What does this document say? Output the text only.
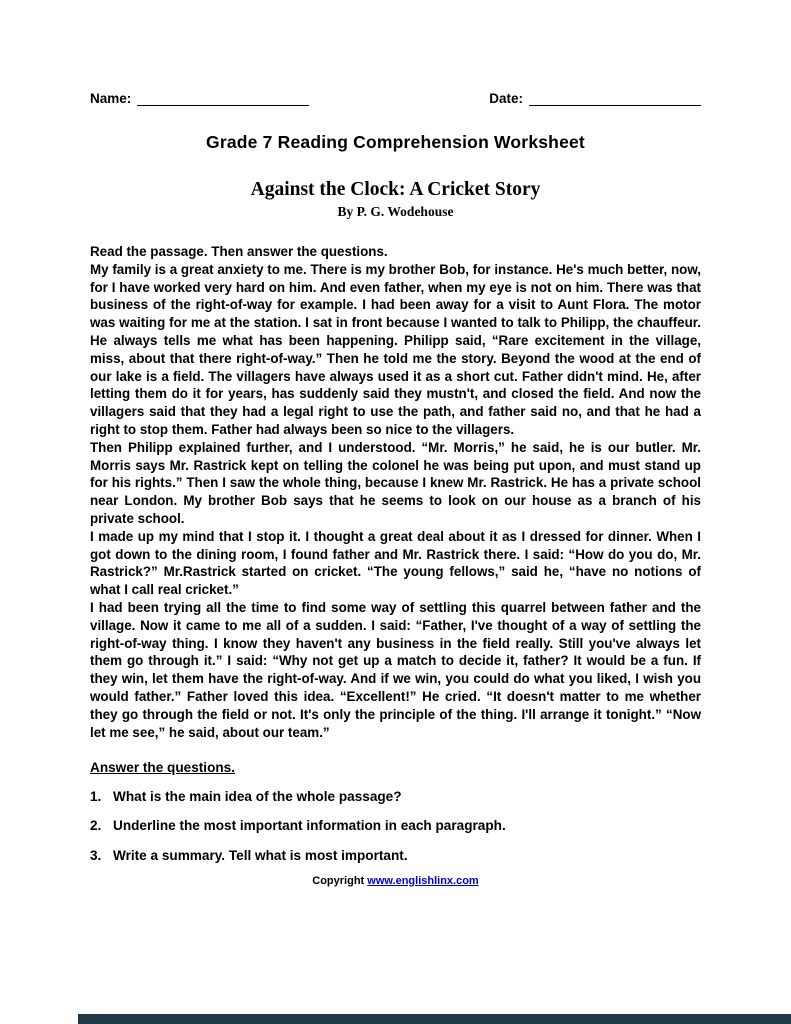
Name:	Date:
Grade 7 Reading Comprehension Worksheet
Against the Clock: A Cricket Story
By P. G. Wodehouse
Read the passage. Then answer the questions.

My family is a great anxiety to me. There is my brother Bob, for instance. He's much better, now, for I have worked very hard on him. And even father, when my eye is not on him. There was that business of the right-of-way for example. I had been away for a visit to Aunt Flora. The motor was waiting for me at the station. I sat in front because I wanted to talk to Philipp, the chauffeur. He always tells me what has been happening. Philipp said, “Rare excitement in the village, miss, about that there right-of-way.” Then he told me the story. Beyond the wood at the end of our lake is a field. The villagers have always used it as a short cut. Father didn't mind. He, after letting them do it for years, has suddenly said they mustn't, and closed the field. And now the villagers said that they had a legal right to use the path, and father said no, and that he had a right to stop them. Father had always been so nice to the villagers.

Then Philipp explained further, and I understood. “Mr. Morris,” he said, he is our butler. Mr. Morris says Mr. Rastrick kept on telling the colonel he was being put upon, and must stand up for his rights.” Then I saw the whole thing, because I knew Mr. Rastrick. He has a private school near London. My brother Bob says that he seems to look on our house as a branch of his private school.

I made up my mind that I stop it. I thought a great deal about it as I dressed for dinner. When I got down to the dining room, I found father and Mr. Rastrick there. I said: “How do you do, Mr. Rastrick?” Mr.Rastrick started on cricket. “The young fellows,” said he, “have no notions of what I call real cricket.”

I had been trying all the time to find some way of settling this quarrel between father and the village. Now it came to me all of a sudden. I said: “Father, I've thought of a way of settling the right-of-way thing. I know they haven't any business in the field really. Still you've always let them go through it.” I said: “Why not get up a match to decide it, father? It would be a fun. If they win, let them have the right-of-way. And if we win, you could do what you liked, I wish you would father.” Father loved this idea. “Excellent!” He cried. “It doesn't matter to me whether they go through the field or not. It's only the principle of the thing. I'll arrange it tonight.” “Now let me see,” he said, about our team.”

Answer the questions.
1. What is the main idea of the whole passage?
2. Underline the most important information in each paragraph.
3. Write a summary. Tell what is most important.
Copyright www.englishlinx.com
